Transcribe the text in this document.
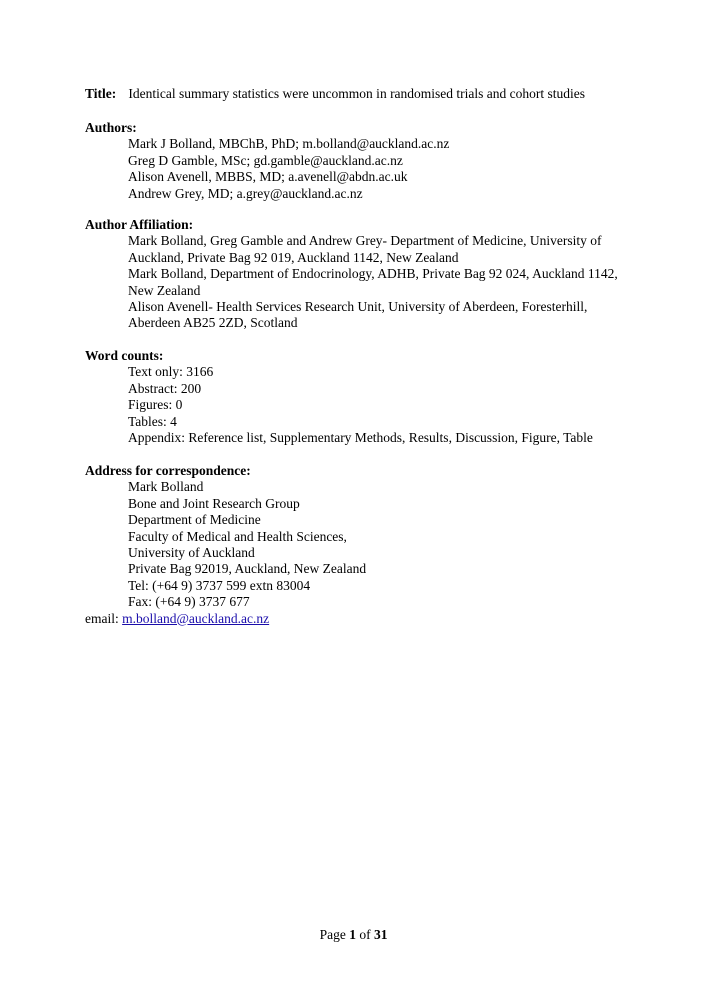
Title: Identical summary statistics were uncommon in randomised trials and cohort studies
Authors:
Mark J Bolland, MBChB, PhD; m.bolland@auckland.ac.nz
Greg D Gamble, MSc; gd.gamble@auckland.ac.nz
Alison Avenell, MBBS, MD; a.avenell@abdn.ac.uk
Andrew Grey, MD; a.grey@auckland.ac.nz
Author Affiliation:
Mark Bolland, Greg Gamble and Andrew Grey- Department of Medicine, University of Auckland, Private Bag 92 019, Auckland 1142, New Zealand
Mark Bolland, Department of Endocrinology, ADHB, Private Bag 92 024, Auckland 1142, New Zealand
Alison Avenell- Health Services Research Unit, University of Aberdeen, Foresterhill, Aberdeen AB25 2ZD, Scotland
Word counts:
Text only: 3166
Abstract: 200
Figures: 0
Tables: 4
Appendix: Reference list, Supplementary Methods, Results, Discussion, Figure, Table
Address for correspondence:
Mark Bolland
Bone and Joint Research Group
Department of Medicine
Faculty of Medical and Health Sciences,
University of Auckland
Private Bag 92019, Auckland, New Zealand
Tel: (+64 9) 3737 599 extn 83004
Fax: (+64 9) 3737 677
email: m.bolland@auckland.ac.nz
Page 1 of 31
